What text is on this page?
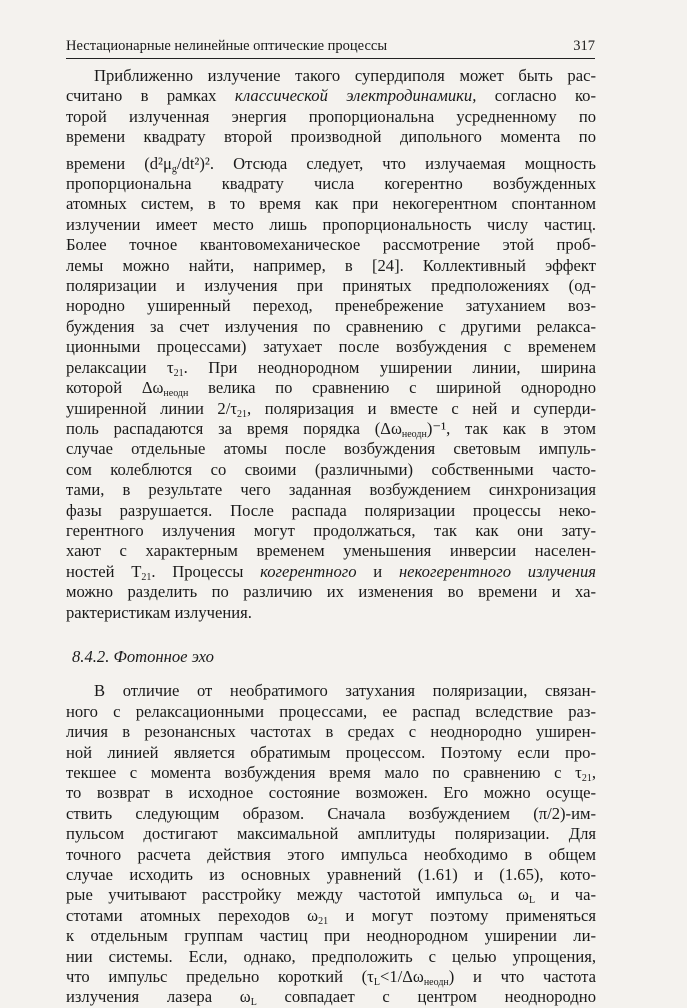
Нестационарные нелинейные оптические процессы	317
Приближенно излучение такого супердиполя может быть рас-
считано в рамках классической электродинамики, согласно ко-
торой излученная энергия пропорциональна усредненному по
времени квадрату второй производной дипольного момента по
времени $(d^2\mu_g/dt^2)^2$. Отсюда следует, что излучаемая мощность
пропорциональна квадрату числа когерентно возбужденных
атомных систем, в то время как при некогерентном спонтанном
излучении имеет место лишь пропорциональность числу частиц.
Более точное квантовомеханическое рассмотрение этой проб-
лемы можно найти, например, в [24]. Коллективный эффект
поляризации и излучения при принятых предположениях (од-
нородно уширенный переход, пренебрежение затуханием воз-
буждения за счет излучения по сравнению с другими релакса-
ционными процессами) затухает после возбуждения с временем
релаксации $\tau_{21}$. При неоднородном уширении линии, ширина
которой $\Delta\omega_{неодн}$ велика по сравнению с шириной однородно
уширенной линии $2/\tau_{21}$, поляризация и вместе с ней и суперди-
поль распадаются за время порядка $(\Delta\omega_{неодн})^{-1}$, так как в этом
случае отдельные атомы после возбуждения световым импуль-
сом колеблются со своими (различными) собственными часто-
тами, в результате чего заданная возбуждением синхронизация
фазы разрушается. После распада поляризации процессы неко-
герентного излучения могут продолжаться, так как они зату-
хают с характерным временем уменьшения инверсии населен-
ностей $T_{21}$. Процессы когерентного и некогерентного излучения
можно разделить по различию их изменения во времени и ха-
рактеристикам излучения.

8.4.2. Фотонное эхо

В отличие от необратимого затухания поляризации, связан-
ного с релаксационными процессами, ее распад вследствие раз-
личия в резонансных частотах в средах с неоднородно уширен-
ной линией является обратимым процессом. Поэтому если про-
текшее с момента возбуждения время мало по сравнению с $\tau_{21}$,
то возврат в исходное состояние возможен. Его можно осуще-
ствить следующим образом. Сначала возбуждением (π/2)-им-
пульсом достигают максимальной амплитуды поляризации. Для
точного расчета действия этого импульса необходимо в общем
случае исходить из основных уравнений (1.61) и (1.65), кото-
рые учитывают расстройку между частотой импульса $\omega_L$ и ча-
стотами атомных переходов $\omega_{21}$ и могут поэтому применяться
к отдельным группам частиц при неоднородном уширении ли-
нии системы. Если, однако, предположить с целью упрощения,
что импульс предельно короткий $(\tau_L<1/\Delta\omega_{неодн})$ и что частота
излучения лазера $\omega_L$ совпадает с центром неоднородно
